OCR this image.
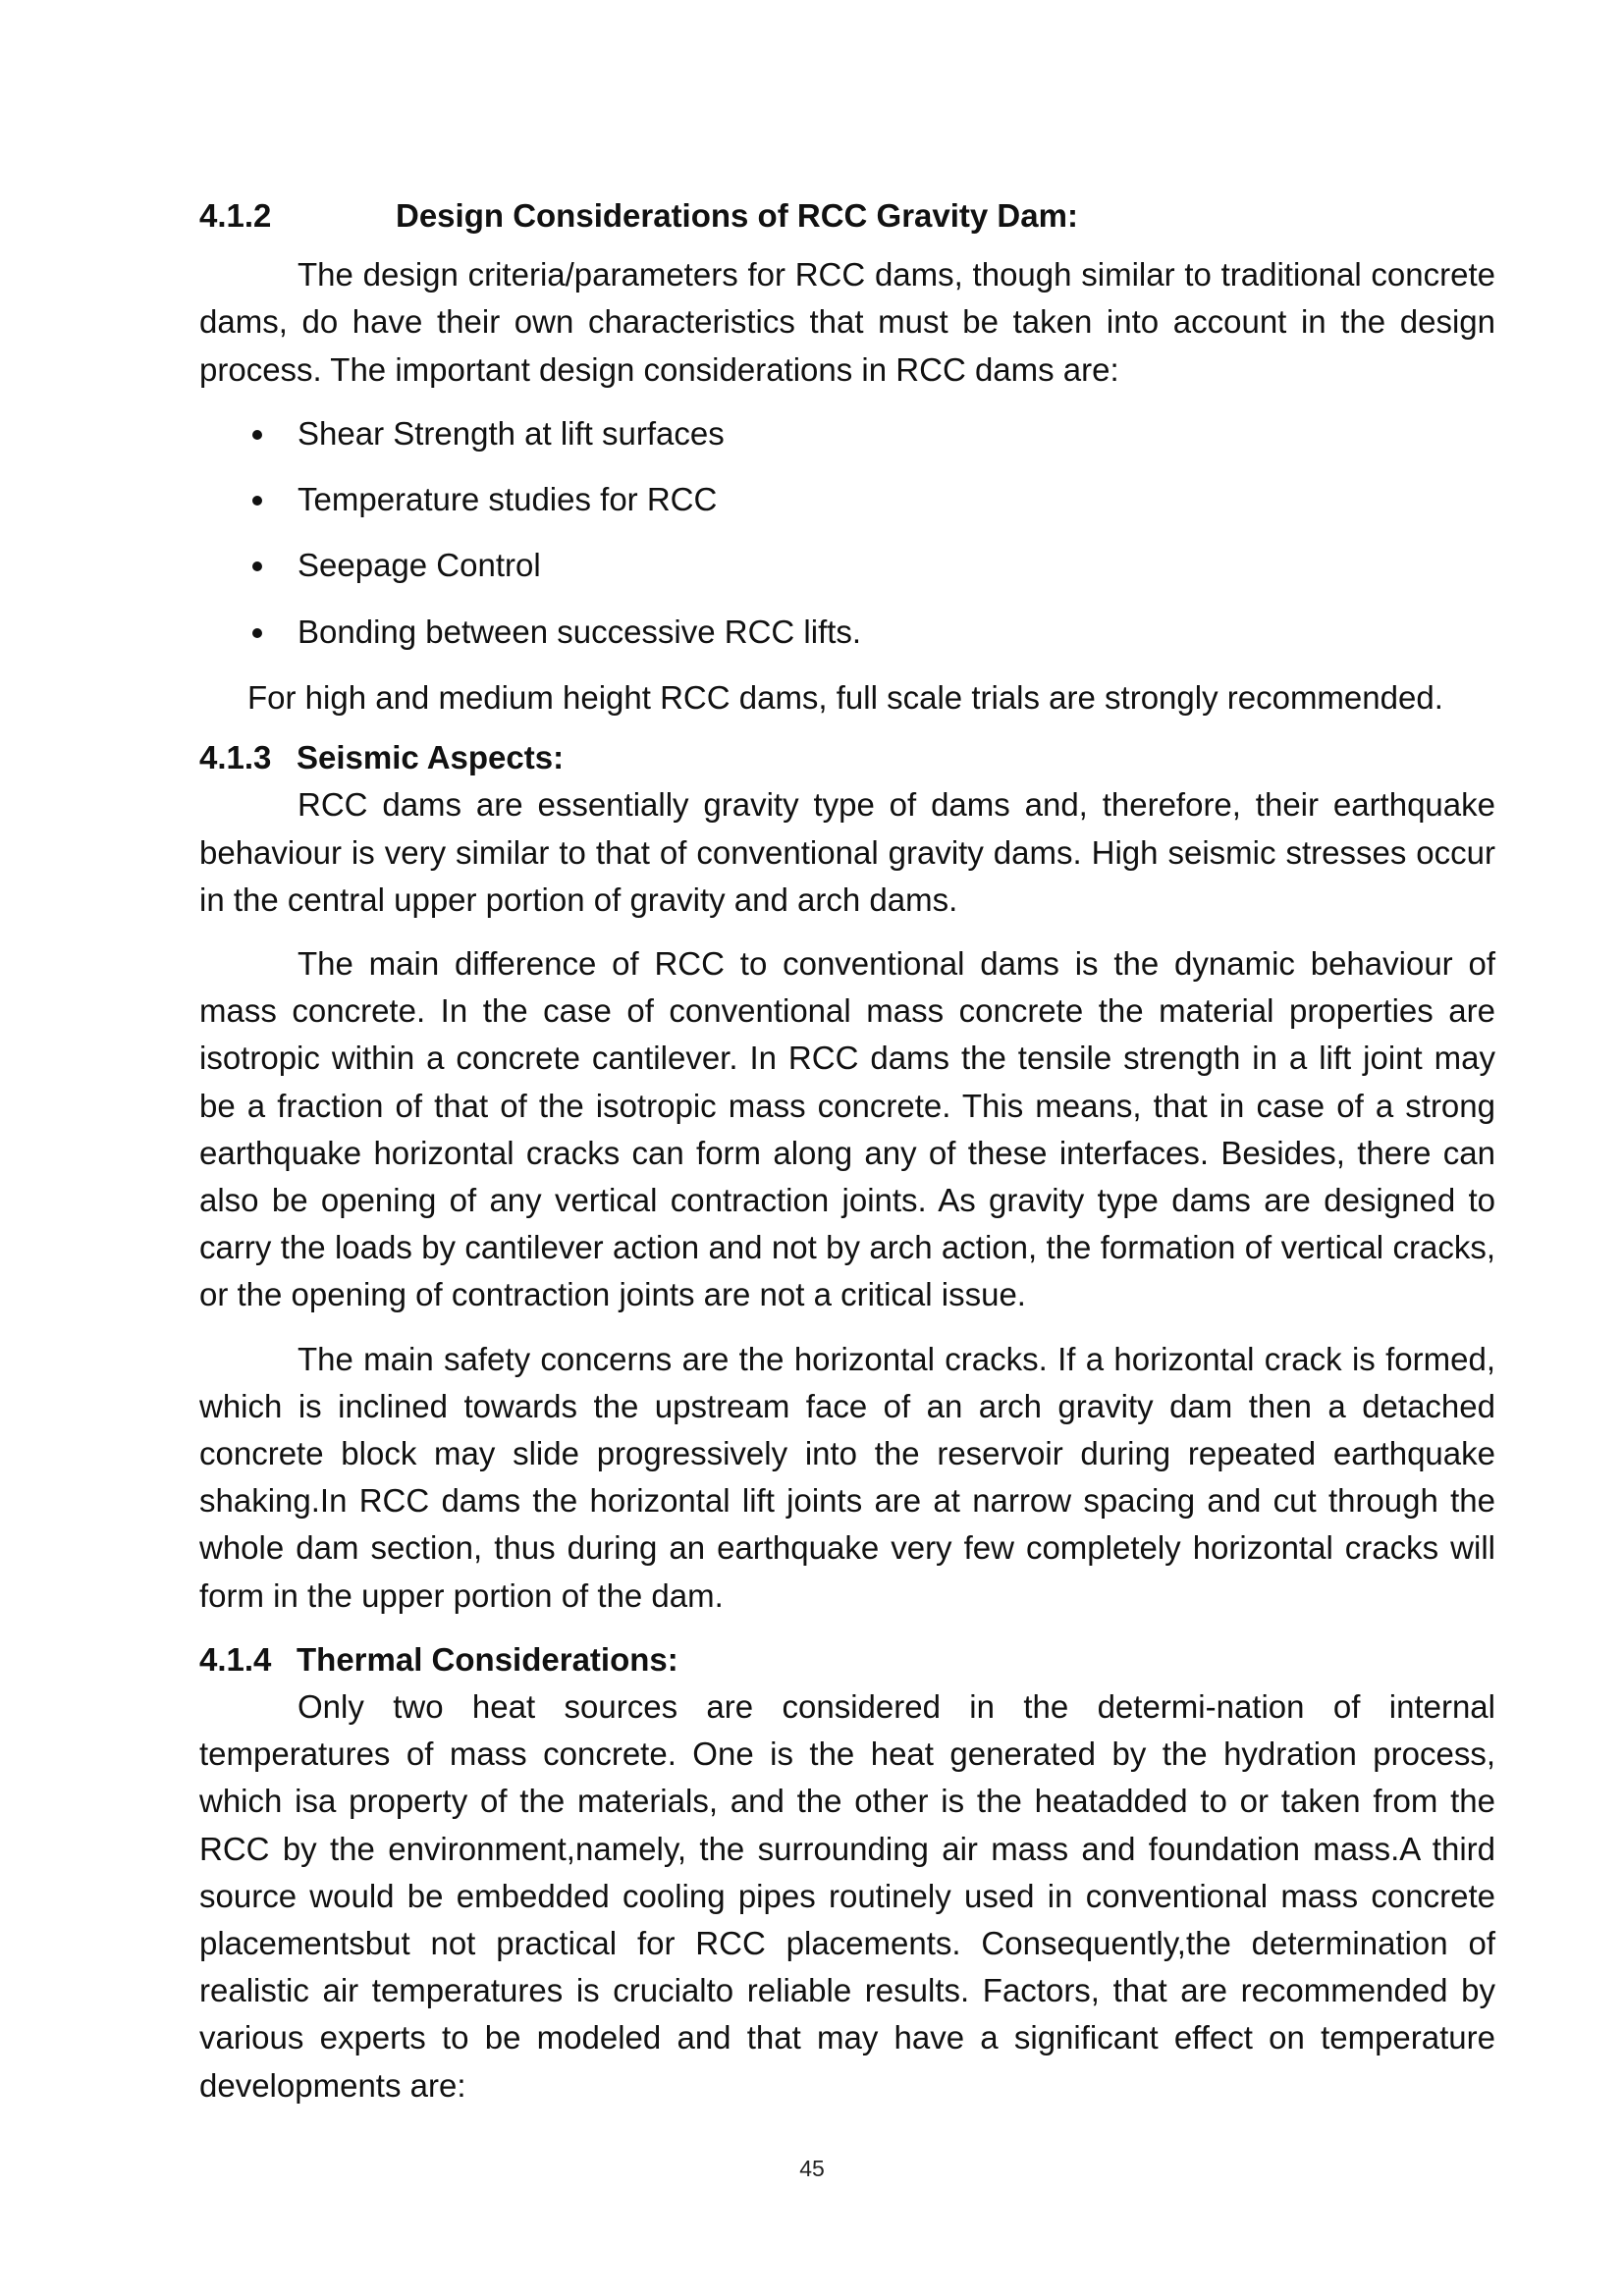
4.1.2	Design Considerations of RCC Gravity Dam:

The design criteria/parameters for RCC dams, though similar to traditional concrete dams, do have their own characteristics that must be taken into account in the design process. The important design considerations in RCC dams are:

Shear Strength at lift surfaces
Temperature studies for RCC
Seepage Control
Bonding between successive RCC lifts.

For high and medium height RCC dams, full scale trials are strongly recommended.

4.1.3 Seismic Aspects:

RCC dams are essentially gravity type of dams and, therefore, their earthquake behaviour is very similar to that of conventional gravity dams. High seismic stresses occur in the central upper portion of gravity and arch dams.

The main difference of RCC to conventional dams is the dynamic behaviour of mass concrete. In the case of conventional mass concrete the material properties are isotropic within a concrete cantilever. In RCC dams the tensile strength in a lift joint may be a fraction of that of the isotropic mass concrete. This means, that in case of a strong earthquake horizontal cracks can form along any of these interfaces. Besides, there can also be opening of any vertical contraction joints. As gravity type dams are designed to carry the loads by cantilever action and not by arch action, the formation of vertical cracks, or the opening of contraction joints are not a critical issue.

The main safety concerns are the horizontal cracks. If a horizontal crack is formed, which is inclined towards the upstream face of an arch gravity dam then a detached concrete block may slide progressively into the reservoir during repeated earthquake shaking.In RCC dams the horizontal lift joints are at narrow spacing and cut through the whole dam section, thus during an earthquake very few completely horizontal cracks will form in the upper portion of the dam.

4.1.4 Thermal Considerations:

Only two heat sources are considered in the determi-nation of internal temperatures of mass concrete. One is the heat generated by the hydration process, which isa property of the materials, and the other is the heatadded to or taken from the RCC by the environment,namely, the surrounding air mass and foundation mass.A third source would be embedded cooling pipes routinely used in conventional mass concrete placementsbut not practical for RCC placements. Consequently,the determination of realistic air temperatures is crucialto reliable results. Factors, that are recommended by various experts to be modeled and that may have a significant effect on temperature developments are:

45
